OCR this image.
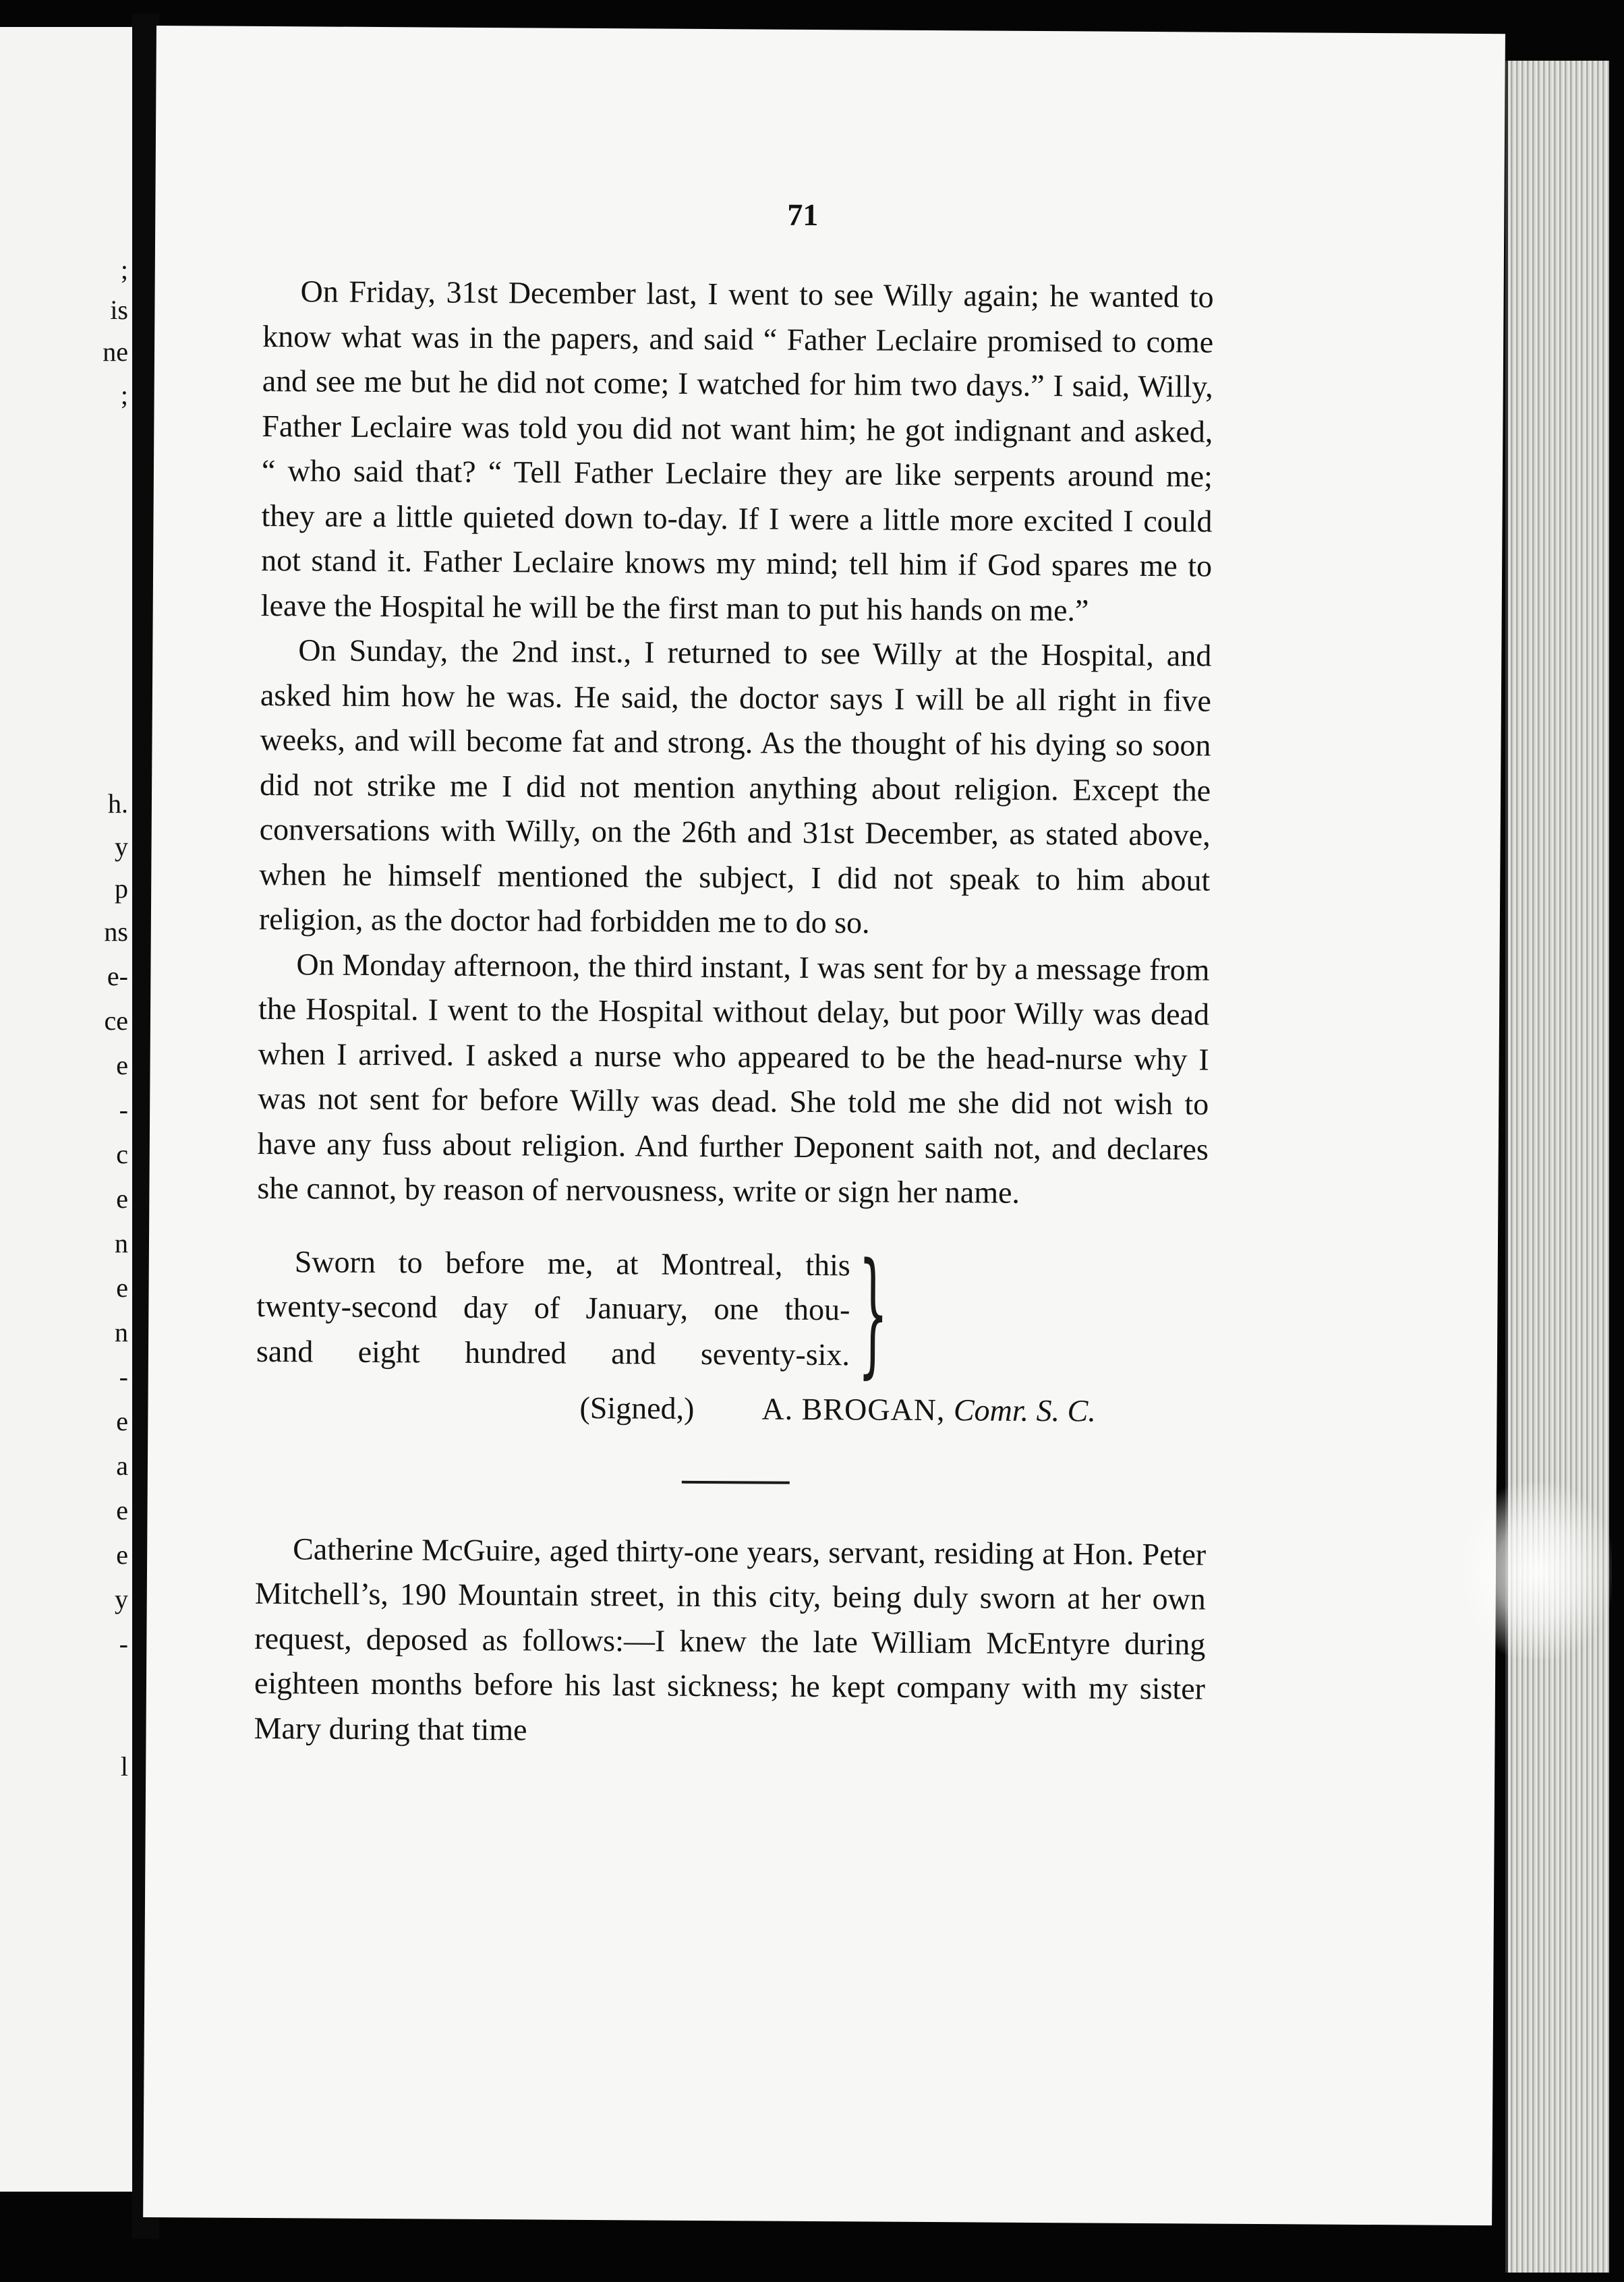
;
is
ne
;
h.
y
p
ns
e-
ce
e
-
c
e
n
e
n
-
e
a
e
e
y
-
l
71

On Friday, 31st December last, I went to see Willy again; he wanted to know what was in the papers, and said “ Father Leclaire promised to come and see me but he did not come; I watched for him two days.” I said, Willy, Father Leclaire was told you did not want him; he got indignant and asked, “ who said that? “ Tell Father Leclaire they are like serpents around me; they are a little quieted down to-day. If I were a little more excited I could not stand it. Father Leclaire knows my mind; tell him if God spares me to leave the Hospital he will be the first man to put his hands on me.”

On Sunday, the 2nd inst., I returned to see Willy at the Hospital, and asked him how he was. He said, the doctor says I will be all right in five weeks, and will become fat and strong. As the thought of his dying so soon did not strike me I did not mention anything about religion. Except the conversations with Willy, on the 26th and 31st December, as stated above, when he himself mentioned the subject, I did not speak to him about religion, as the doctor had forbidden me to do so.

On Monday afternoon, the third instant, I was sent for by a message from the Hospital. I went to the Hospital without delay, but poor Willy was dead when I arrived. I asked a nurse who appeared to be the head-nurse why I was not sent for before Willy was dead. She told me she did not wish to have any fuss about religion. And further Deponent saith not, and declares she cannot, by reason of nervousness, write or sign her name.

Sworn to before me, at Montreal, this
twenty-second day of January, one thou-
sand eight hundred and seventy-six. }
(Signed,) A. BROGAN, Comr. S. C.

Catherine McGuire, aged thirty-one years, servant, residing at Hon. Peter Mitchell’s, 190 Mountain street, in this city, being duly sworn at her own request, deposed as follows:—I knew the late William McEntyre during eighteen months before his last sickness; he kept company with my sister Mary during that time
